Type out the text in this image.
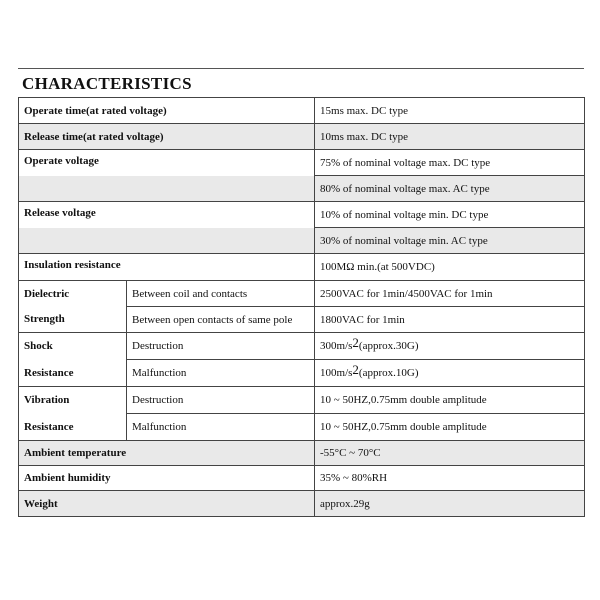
CHARACTERISTICS
Operate time(at rated voltage)		15ms max. DC type
Release time(at rated voltage)		10ms max. DC type
Operate voltage		75% of nominal voltage max. DC type
		80% of nominal voltage max. AC type
Release voltage		10% of nominal voltage min. DC type
		30% of nominal voltage min. AC type
Insulation resistance		100MΩ min.(at 500VDC)
Dielectric	Between coil and contacts	2500VAC for 1min/4500VAC for 1min
Strength	Between open contacts of same pole	1800VAC for 1min
Shock	Destruction	$300m/s^2(approx.30G)$
Resistance	Malfunction	$100m/s^2(approx.10G)$
Vibration	Destruction	10 ~ 50HZ,0.75mm double amplitude
Resistance	Malfunction	10 ~ 50HZ,0.75mm double amplitude
Ambient temperature		-55°C ~ 70°C
Ambient humidity		35% ~ 80%RH
Weight		approx.29g
